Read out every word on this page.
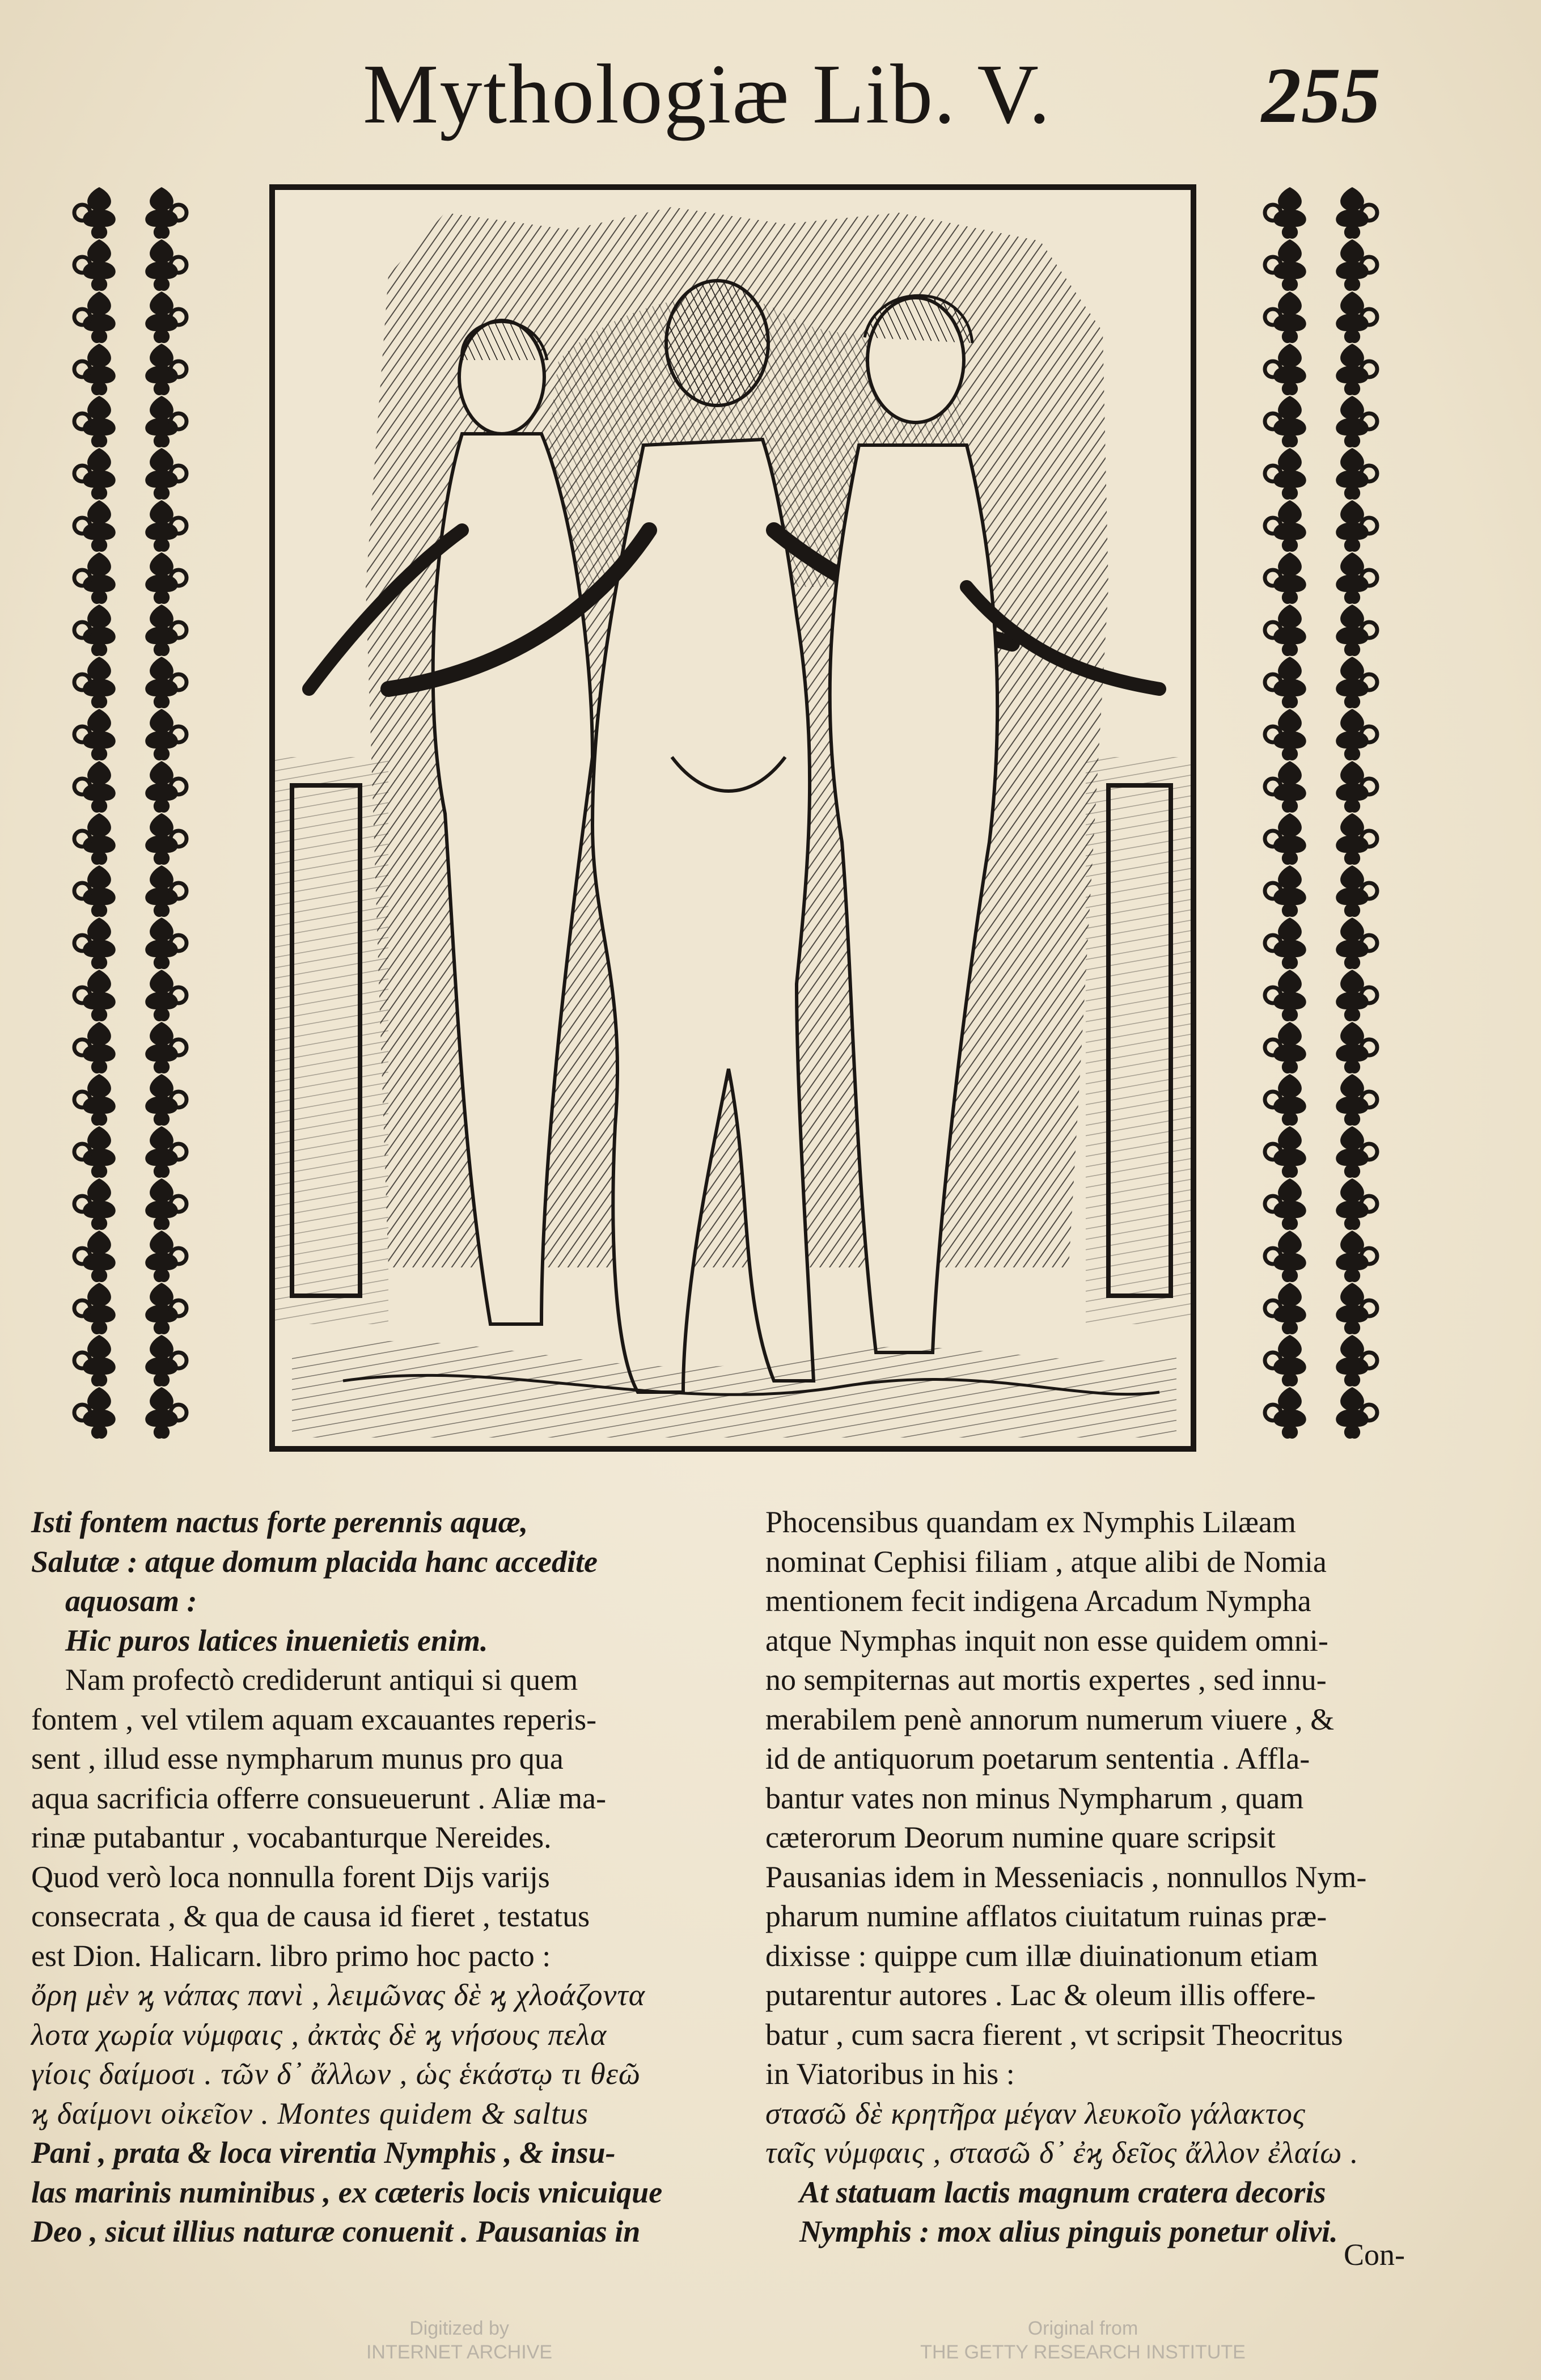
Mythologiæ Lib. V.	255
Isti fontem nactus forte perennis aquæ,
Salutæ : atque domum placida hanc accedite
aquosam :
Hic puros latices inuenietis enim.
Nam profectò crediderunt antiqui si quem
fontem , vel vtilem aquam excauantes reperis-
sent , illud esse nympharum munus pro qua
aqua sacrificia offerre consueuerunt . Aliæ ma-
rinæ putabantur , vocabanturque Nereides.
Quod verò loca nonnulla forent Dijs varijs
consecrata , & qua de causa id fieret , testatus
est Dion. Halicarn. libro primo hoc pacto :
ὄρη μὲν ϗ νάπας πανὶ , λειμῶνας δὲ ϗ χλοάζοντα
λοτα χωρία νύμφαις , ἀκτὰς δὲ ϗ νήσους πελα
γίοις δαίμοσι . τῶν δ᾽ ἄλλων , ὡς ἑκάστῳ τι θεῶ
ϗ δαίμονι οἰκεῖον . Montes quidem & saltus
Pani , prata & loca virentia Nymphis , & insu-
las marinis numinibus , ex cæteris locis vnicuique
Deo , sicut illius naturæ conuenit . Pausanias in
Phocensibus quandam ex Nymphis Lilæam
nominat Cephisi filiam , atque alibi de Nomia
mentionem fecit indigena Arcadum Nympha
atque Nymphas inquit non esse quidem omni-
no sempiternas aut mortis expertes , sed innu-
merabilem penè annorum numerum viuere , &
id de antiquorum poetarum sententia . Affla-
bantur vates non minus Nympharum , quam
cæterorum Deorum numine quare scripsit
Pausanias idem in Messeniacis , nonnullos Nym-
pharum numine afflatos ciuitatum ruinas præ-
dixisse : quippe cum illæ diuinationum etiam
putarentur autores . Lac & oleum illis offere-
batur , cum sacra fierent , vt scripsit Theocritus
in Viatoribus in his :
στασῶ δὲ κρητῆρα μέγαν λευκοῖο γάλακτος
ταῖς νύμφαις , στασῶ δ᾽ ἐϗ δεῖος ἄλλον ἐλαίω .
At statuam lactis magnum cratera decoris
Nymphis : mox alius pinguis ponetur olivi.
Con-
Digitized by
INTERNET ARCHIVE
Original from
THE GETTY RESEARCH INSTITUTE
